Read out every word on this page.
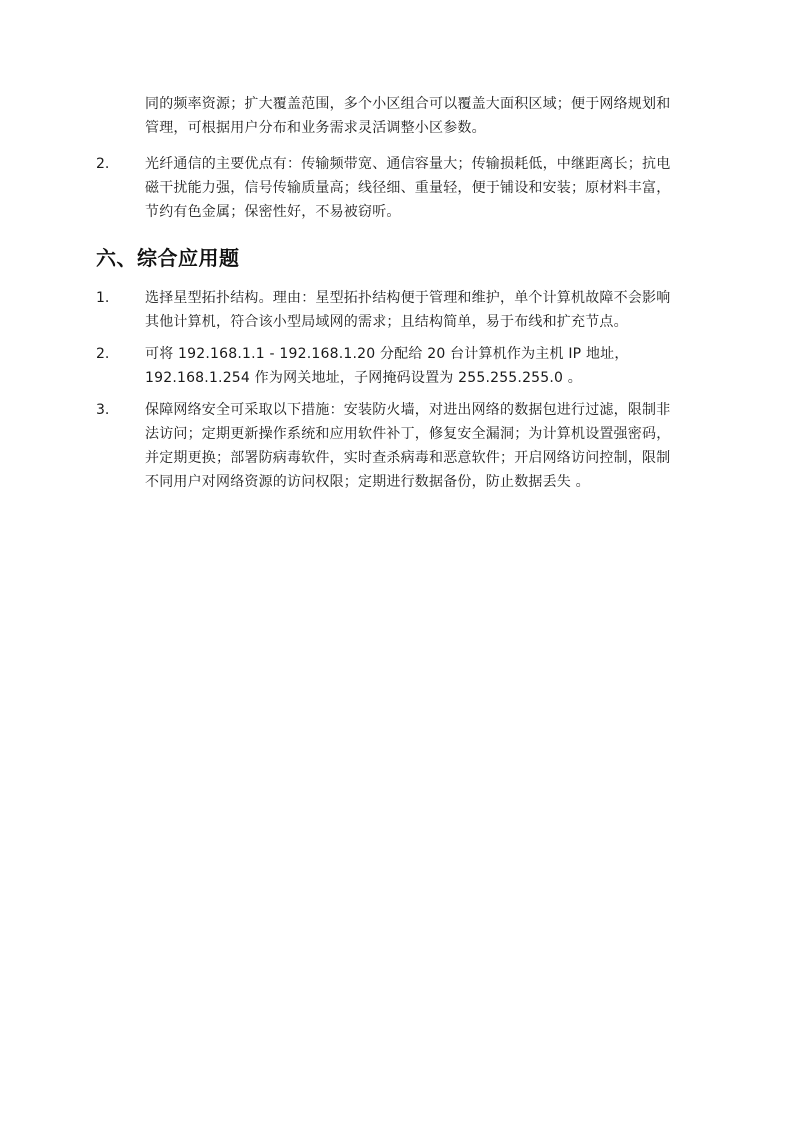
同的频率资源；扩大覆盖范围，多个小区组合可以覆盖大面积区域；便于网络规划和
管理，可根据用户分布和业务需求灵活调整小区参数。
2.	光纤通信的主要优点有：传输频带宽、通信容量大；传输损耗低，中继距离长；抗电
磁干扰能力强，信号传输质量高；线径细、重量轻，便于铺设和安装；原材料丰富，
节约有色金属；保密性好，不易被窃听。
六、综合应用题
1.	选择星型拓扑结构。理由：星型拓扑结构便于管理和维护，单个计算机故障不会影响
其他计算机，符合该小型局域网的需求；且结构简单，易于布线和扩充节点。
2.	可将 192.168.1.1 - 192.168.1.20 分配给 20 台计算机作为主机 IP 地址，
192.168.1.254 作为网关地址，子网掩码设置为 255.255.255.0 。
3.	保障网络安全可采取以下措施：安装防火墙，对进出网络的数据包进行过滤，限制非
法访问；定期更新操作系统和应用软件补丁，修复安全漏洞；为计算机设置强密码，
并定期更换；部署防病毒软件，实时查杀病毒和恶意软件；开启网络访问控制，限制
不同用户对网络资源的访问权限；定期进行数据备份，防止数据丢失 。
